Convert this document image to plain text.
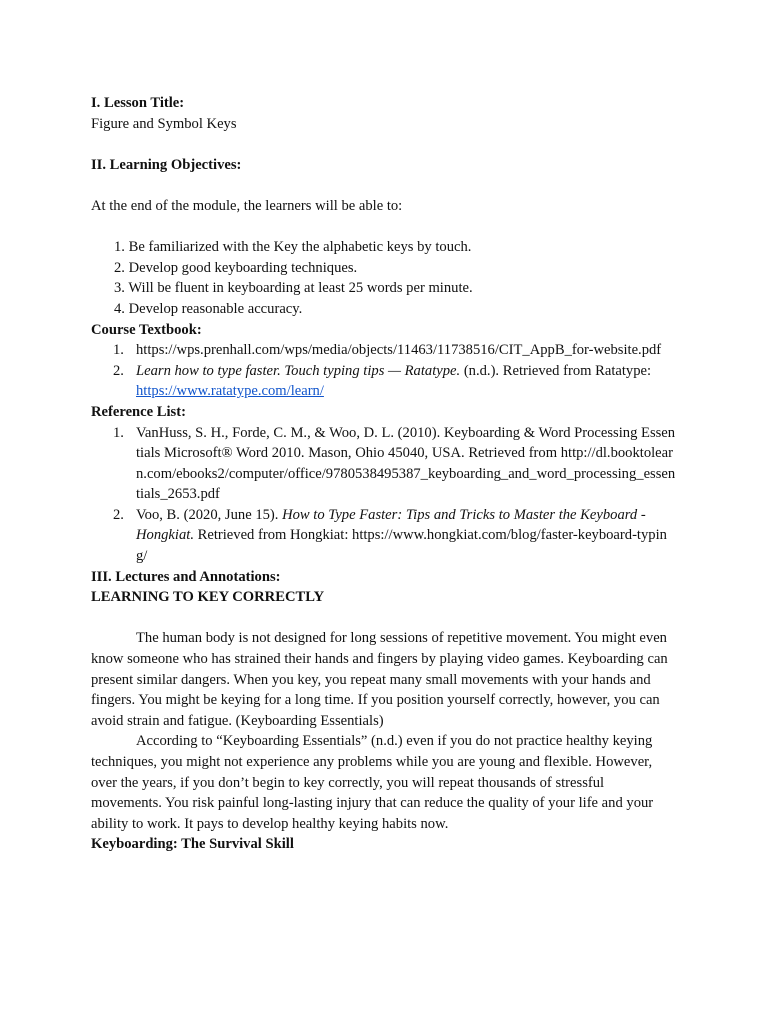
I. Lesson Title:

Figure and Symbol Keys

II. Learning Objectives:

At the end of the module, the learners will be able to:

1. Be familiarized with the Key the alphabetic keys by touch.
2. Develop good keyboarding techniques.
3. Will be fluent in keyboarding at least 25 words per minute.
4. Develop reasonable accuracy.

Course Textbook:

1. https://wps.prenhall.com/wps/media/objects/11463/11738516/CIT_AppB_for-website.pdf
2. Learn how to type faster. Touch typing tips — Ratatype. (n.d.). Retrieved from Ratatype: https://www.ratatype.com/learn/

Reference List:

1. VanHuss, S. H., Forde, C. M., & Woo, D. L. (2010). Keyboarding & Word Processing Essentials Microsoft® Word 2010. Mason, Ohio 45040, USA. Retrieved from http://dl.booktolearn.com/ebooks2/computer/office/9780538495387_keyboarding_and_word_processing_essentials_2653.pdf
2. Voo, B. (2020, June 15). How to Type Faster: Tips and Tricks to Master the Keyboard - Hongkiat. Retrieved from Hongkiat: https://www.hongkiat.com/blog/faster-keyboard-typing/

III. Lectures and Annotations:

LEARNING TO KEY CORRECTLY

The human body is not designed for long sessions of repetitive movement. You might even know someone who has strained their hands and fingers by playing video games. Keyboarding can present similar dangers. When you key, you repeat many small movements with your hands and fingers. You might be keying for a long time. If you position yourself correctly, however, you can avoid strain and fatigue. (Keyboarding Essentials)

According to “Keyboarding Essentials” (n.d.) even if you do not practice healthy keying techniques, you might not experience any problems while you are young and flexible. However, over the years, if you don’t begin to key correctly, you will repeat thousands of stressful movements. You risk painful long-lasting injury that can reduce the quality of your life and your ability to work. It pays to develop healthy keying habits now.

Keyboarding: The Survival Skill
